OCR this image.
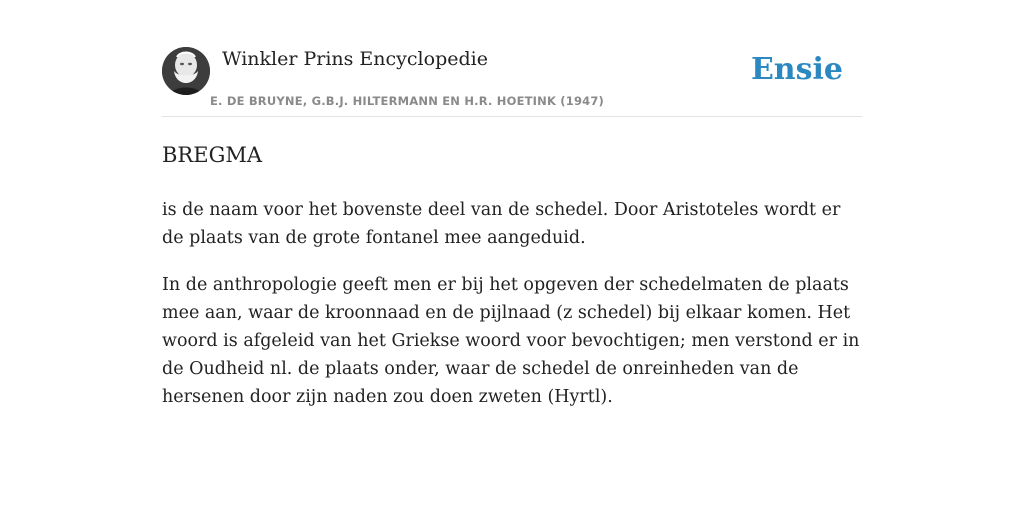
Winkler Prins Encyclopedie
E. DE BRUYNE, G.B.J. HILTERMANN EN H.R. HOETINK (1947)
Ensie
BREGMA

is de naam voor het bovenste deel van de schedel. Door Aristoteles wordt er de plaats van de grote fontanel mee aangeduid.

In de anthropologie geeft men er bij het opgeven der schedelmaten de plaats mee aan, waar de kroonnaad en de pijlnaad (z schedel) bij elkaar komen. Het woord is afgeleid van het Griekse woord voor bevochtigen; men verstond er in de Oudheid nl. de plaats onder, waar de schedel de onreinheden van de hersenen door zijn naden zou doen zweten (Hyrtl).
